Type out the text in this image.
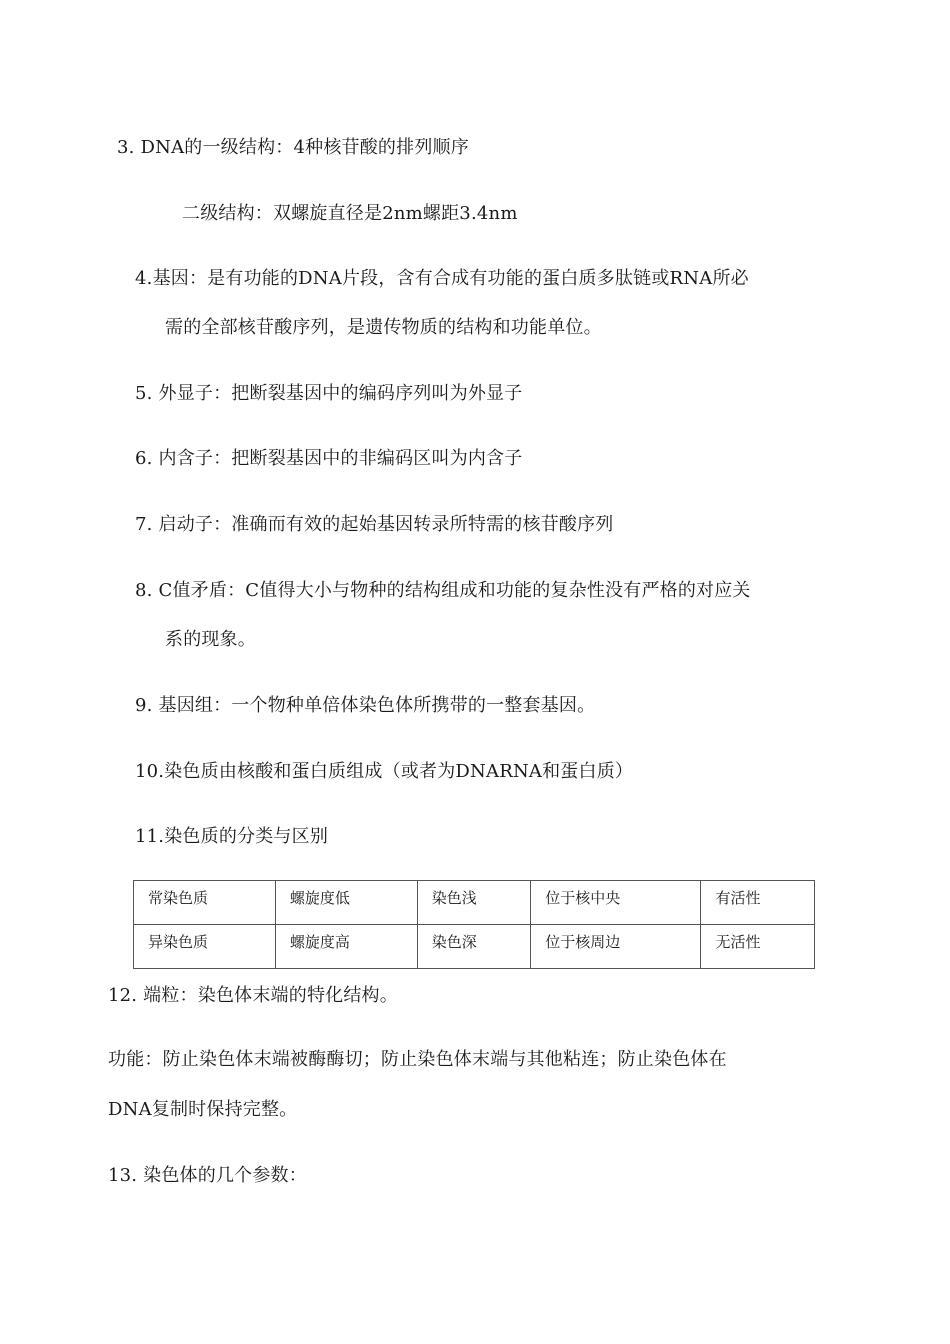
3. DNA的一级结构：4种核苷酸的排列顺序
二级结构：双螺旋直径是2nm螺距3.4nm
4.基因：是有功能的DNA片段，含有合成有功能的蛋白质多肽链或RNA所必
需的全部核苷酸序列，是遗传物质的结构和功能单位。
5. 外显子：把断裂基因中的编码序列叫为外显子
6. 内含子：把断裂基因中的非编码区叫为内含子
7. 启动子：准确而有效的起始基因转录所特需的核苷酸序列
8. C值矛盾：C值得大小与物种的结构组成和功能的复杂性没有严格的对应关
系的现象。
9. 基因组：一个物种单倍体染色体所携带的一整套基因。
10.染色质由核酸和蛋白质组成（或者为DNARNA和蛋白质）
11.染色质的分类与区别
常染色质	螺旋度低	染色浅	位于核中央	有活性
异染色质	螺旋度高	染色深	位于核周边	无活性
12. 端粒：染色体末端的特化结构。
功能：防止染色体末端被酶酶切；防止染色体末端与其他粘连；防止染色体在
DNA复制时保持完整。
13. 染色体的几个参数：
